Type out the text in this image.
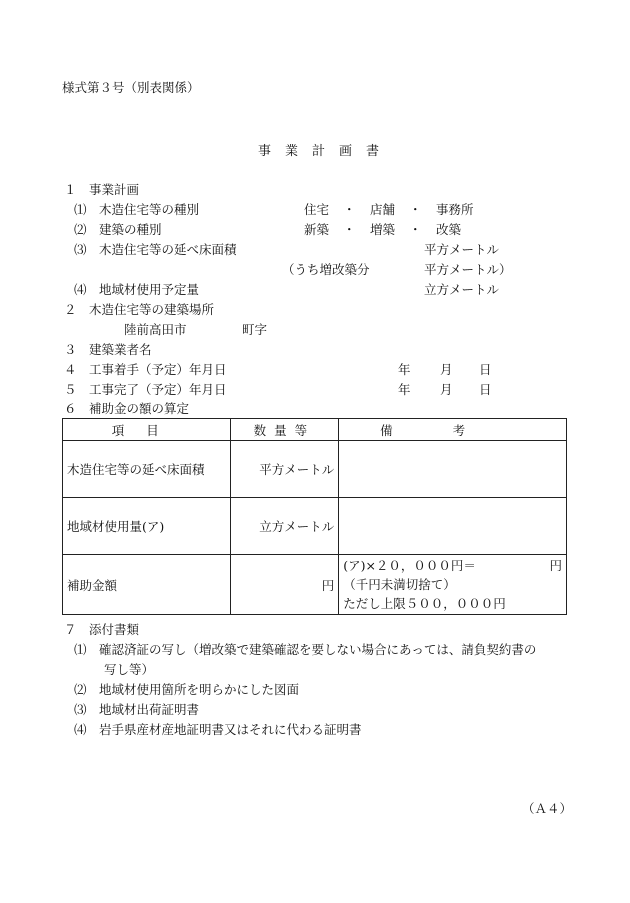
様式第３号（別表関係）
事業計画書
１　事業計画
⑴　木造住宅等の種別	住宅 ・ 店舗 ・ 事務所
⑵　建築の種別	新築 ・ 増築 ・ 改築
⑶　木造住宅等の延べ床面積	平方メートル
（うち増改築分	平方メートル）
⑷　地域材使用予定量	立方メートル
２　木造住宅等の建築場所
陸前高田市	町字
３　建築業者名
４　工事着手（予定）年月日	年 月 日
５　工事完了（予定）年月日	年 月 日
６　補助金の額の算定
項目	数量等	備考
木造住宅等の延べ床面積	平方メートル	
地域材使用量(ア)	立方メートル	
補助金額	円	(ア)×２０，０００円＝ 円
（千円未満切捨て）
ただし上限５００，０００円
７　添付書類
⑴　確認済証の写し（増改築で建築確認を要しない場合にあっては、請負契約書の
写し等）
⑵　地域材使用箇所を明らかにした図面
⑶　地域材出荷証明書
⑷　岩手県産材産地証明書又はそれに代わる証明書
（Ａ４）
